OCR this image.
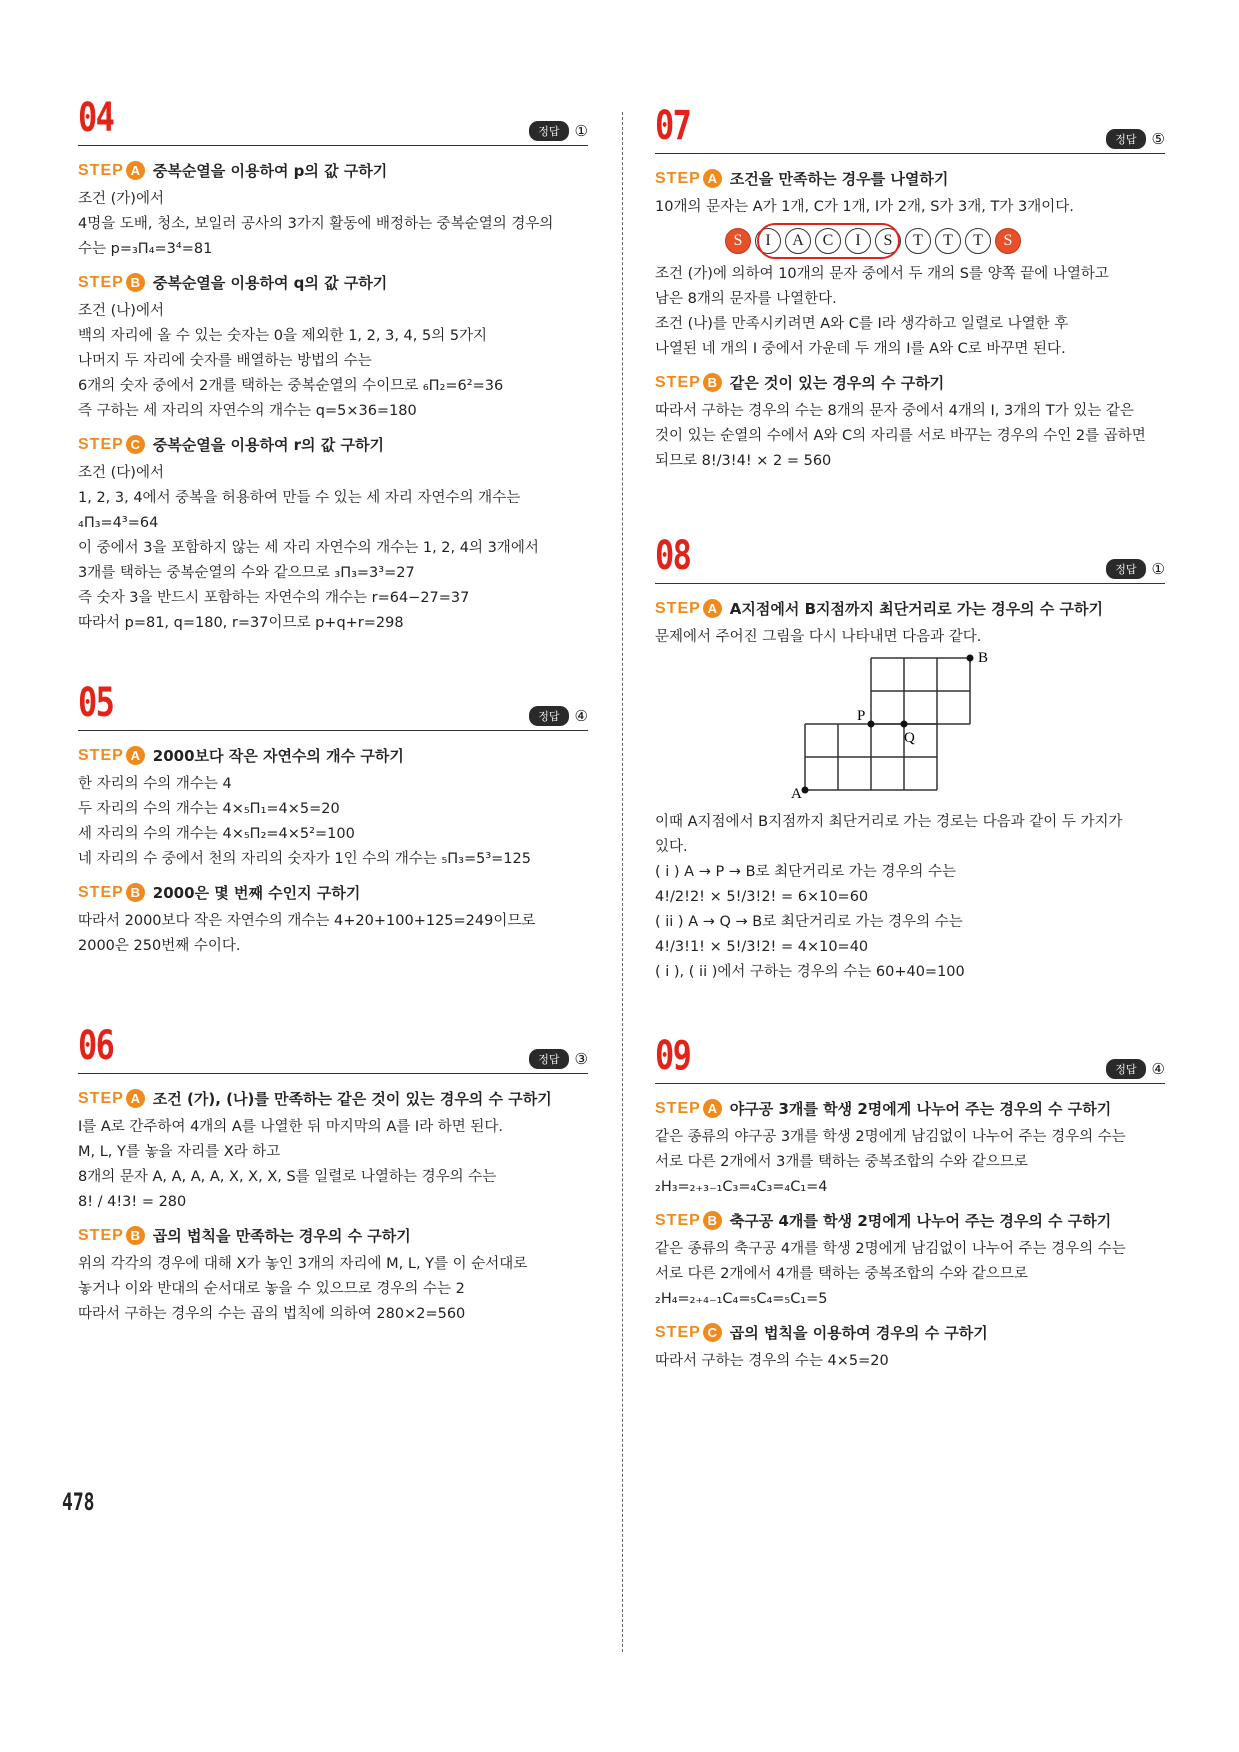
04	정답	①
STEP A 중복순열을 이용하여 p의 값 구하기
조건 (가)에서
4명을 도배, 청소, 보일러 공사의 3가지 활동에 배정하는 중복순열의 경우의
수는 p=₃Π₄=3⁴=81
STEP B 중복순열을 이용하여 q의 값 구하기
조건 (나)에서
백의 자리에 올 수 있는 숫자는 0을 제외한 1, 2, 3, 4, 5의 5가지
나머지 두 자리에 숫자를 배열하는 방법의 수는
6개의 숫자 중에서 2개를 택하는 중복순열의 수이므로 ₆Π₂=6²=36
즉 구하는 세 자리의 자연수의 개수는 q=5×36=180
STEP C 중복순열을 이용하여 r의 값 구하기
조건 (다)에서
1, 2, 3, 4에서 중복을 허용하여 만들 수 있는 세 자리 자연수의 개수는
₄Π₃=4³=64
이 중에서 3을 포함하지 않는 세 자리 자연수의 개수는 1, 2, 4의 3개에서
3개를 택하는 중복순열의 수와 같으므로 ₃Π₃=3³=27
즉 숫자 3을 반드시 포함하는 자연수의 개수는 r=64−27=37
따라서 p=81, q=180, r=37이므로 p+q+r=298
05	정답	④
STEP A 2000보다 작은 자연수의 개수 구하기
한 자리의 수의 개수는 4
두 자리의 수의 개수는 4×₅Π₁=4×5=20
세 자리의 수의 개수는 4×₅Π₂=4×5²=100
네 자리의 수 중에서 천의 자리의 숫자가 1인 수의 개수는 ₅Π₃=5³=125
STEP B 2000은 몇 번째 수인지 구하기
따라서 2000보다 작은 자연수의 개수는 4+20+100+125=249이므로
2000은 250번째 수이다.
06	정답	③
STEP A 조건 (가), (나)를 만족하는 같은 것이 있는 경우의 수 구하기
I를 A로 간주하여 4개의 A를 나열한 뒤 마지막의 A를 I라 하면 된다.
M, L, Y를 놓을 자리를 X라 하고
8개의 문자 A, A, A, A, X, X, X, S를 일렬로 나열하는 경우의 수는
8! / 4!3! = 280
STEP B 곱의 법칙을 만족하는 경우의 수 구하기
위의 각각의 경우에 대해 X가 놓인 3개의 자리에 M, L, Y를 이 순서대로
놓거나 이와 반대의 순서대로 놓을 수 있으므로 경우의 수는 2
따라서 구하는 경우의 수는 곱의 법칙에 의하여 280×2=560
07	정답	⑤
STEP A 조건을 만족하는 경우를 나열하기
10개의 문자는 A가 1개, C가 1개, I가 2개, S가 3개, T가 3개이다.
S	I	A	C	I	S	T	T	T	S
조건 (가)에 의하여 10개의 문자 중에서 두 개의 S를 양쪽 끝에 나열하고
남은 8개의 문자를 나열한다.
조건 (나)를 만족시키려면 A와 C를 I라 생각하고 일렬로 나열한 후
나열된 네 개의 I 중에서 가운데 두 개의 I를 A와 C로 바꾸면 된다.
STEP B 같은 것이 있는 경우의 수 구하기
따라서 구하는 경우의 수는 8개의 문자 중에서 4개의 I, 3개의 T가 있는 같은
것이 있는 순열의 수에서 A와 C의 자리를 서로 바꾸는 경우의 수인 2를 곱하면
되므로 8!/3!4! × 2 = 560
08	정답	①
STEP A A지점에서 B지점까지 최단거리로 가는 경우의 수 구하기
문제에서 주어진 그림을 다시 나타내면 다음과 같다.
A
B
P
Q
이때 A지점에서 B지점까지 최단거리로 가는 경로는 다음과 같이 두 가지가
있다.
( i ) A → P → B로 최단거리로 가는 경우의 수는
4!/2!2! × 5!/3!2! = 6×10=60
( ii ) A → Q → B로 최단거리로 가는 경우의 수는
4!/3!1! × 5!/3!2! = 4×10=40
( i ), ( ii )에서 구하는 경우의 수는 60+40=100
09	정답	④
STEP A 야구공 3개를 학생 2명에게 나누어 주는 경우의 수 구하기
같은 종류의 야구공 3개를 학생 2명에게 남김없이 나누어 주는 경우의 수는
서로 다른 2개에서 3개를 택하는 중복조합의 수와 같으므로
₂H₃=₂₊₃₋₁C₃=₄C₃=₄C₁=4
STEP B 축구공 4개를 학생 2명에게 나누어 주는 경우의 수 구하기
같은 종류의 축구공 4개를 학생 2명에게 남김없이 나누어 주는 경우의 수는
서로 다른 2개에서 4개를 택하는 중복조합의 수와 같으므로
₂H₄=₂₊₄₋₁C₄=₅C₄=₅C₁=5
STEP C 곱의 법칙을 이용하여 경우의 수 구하기
따라서 구하는 경우의 수는 4×5=20
478
